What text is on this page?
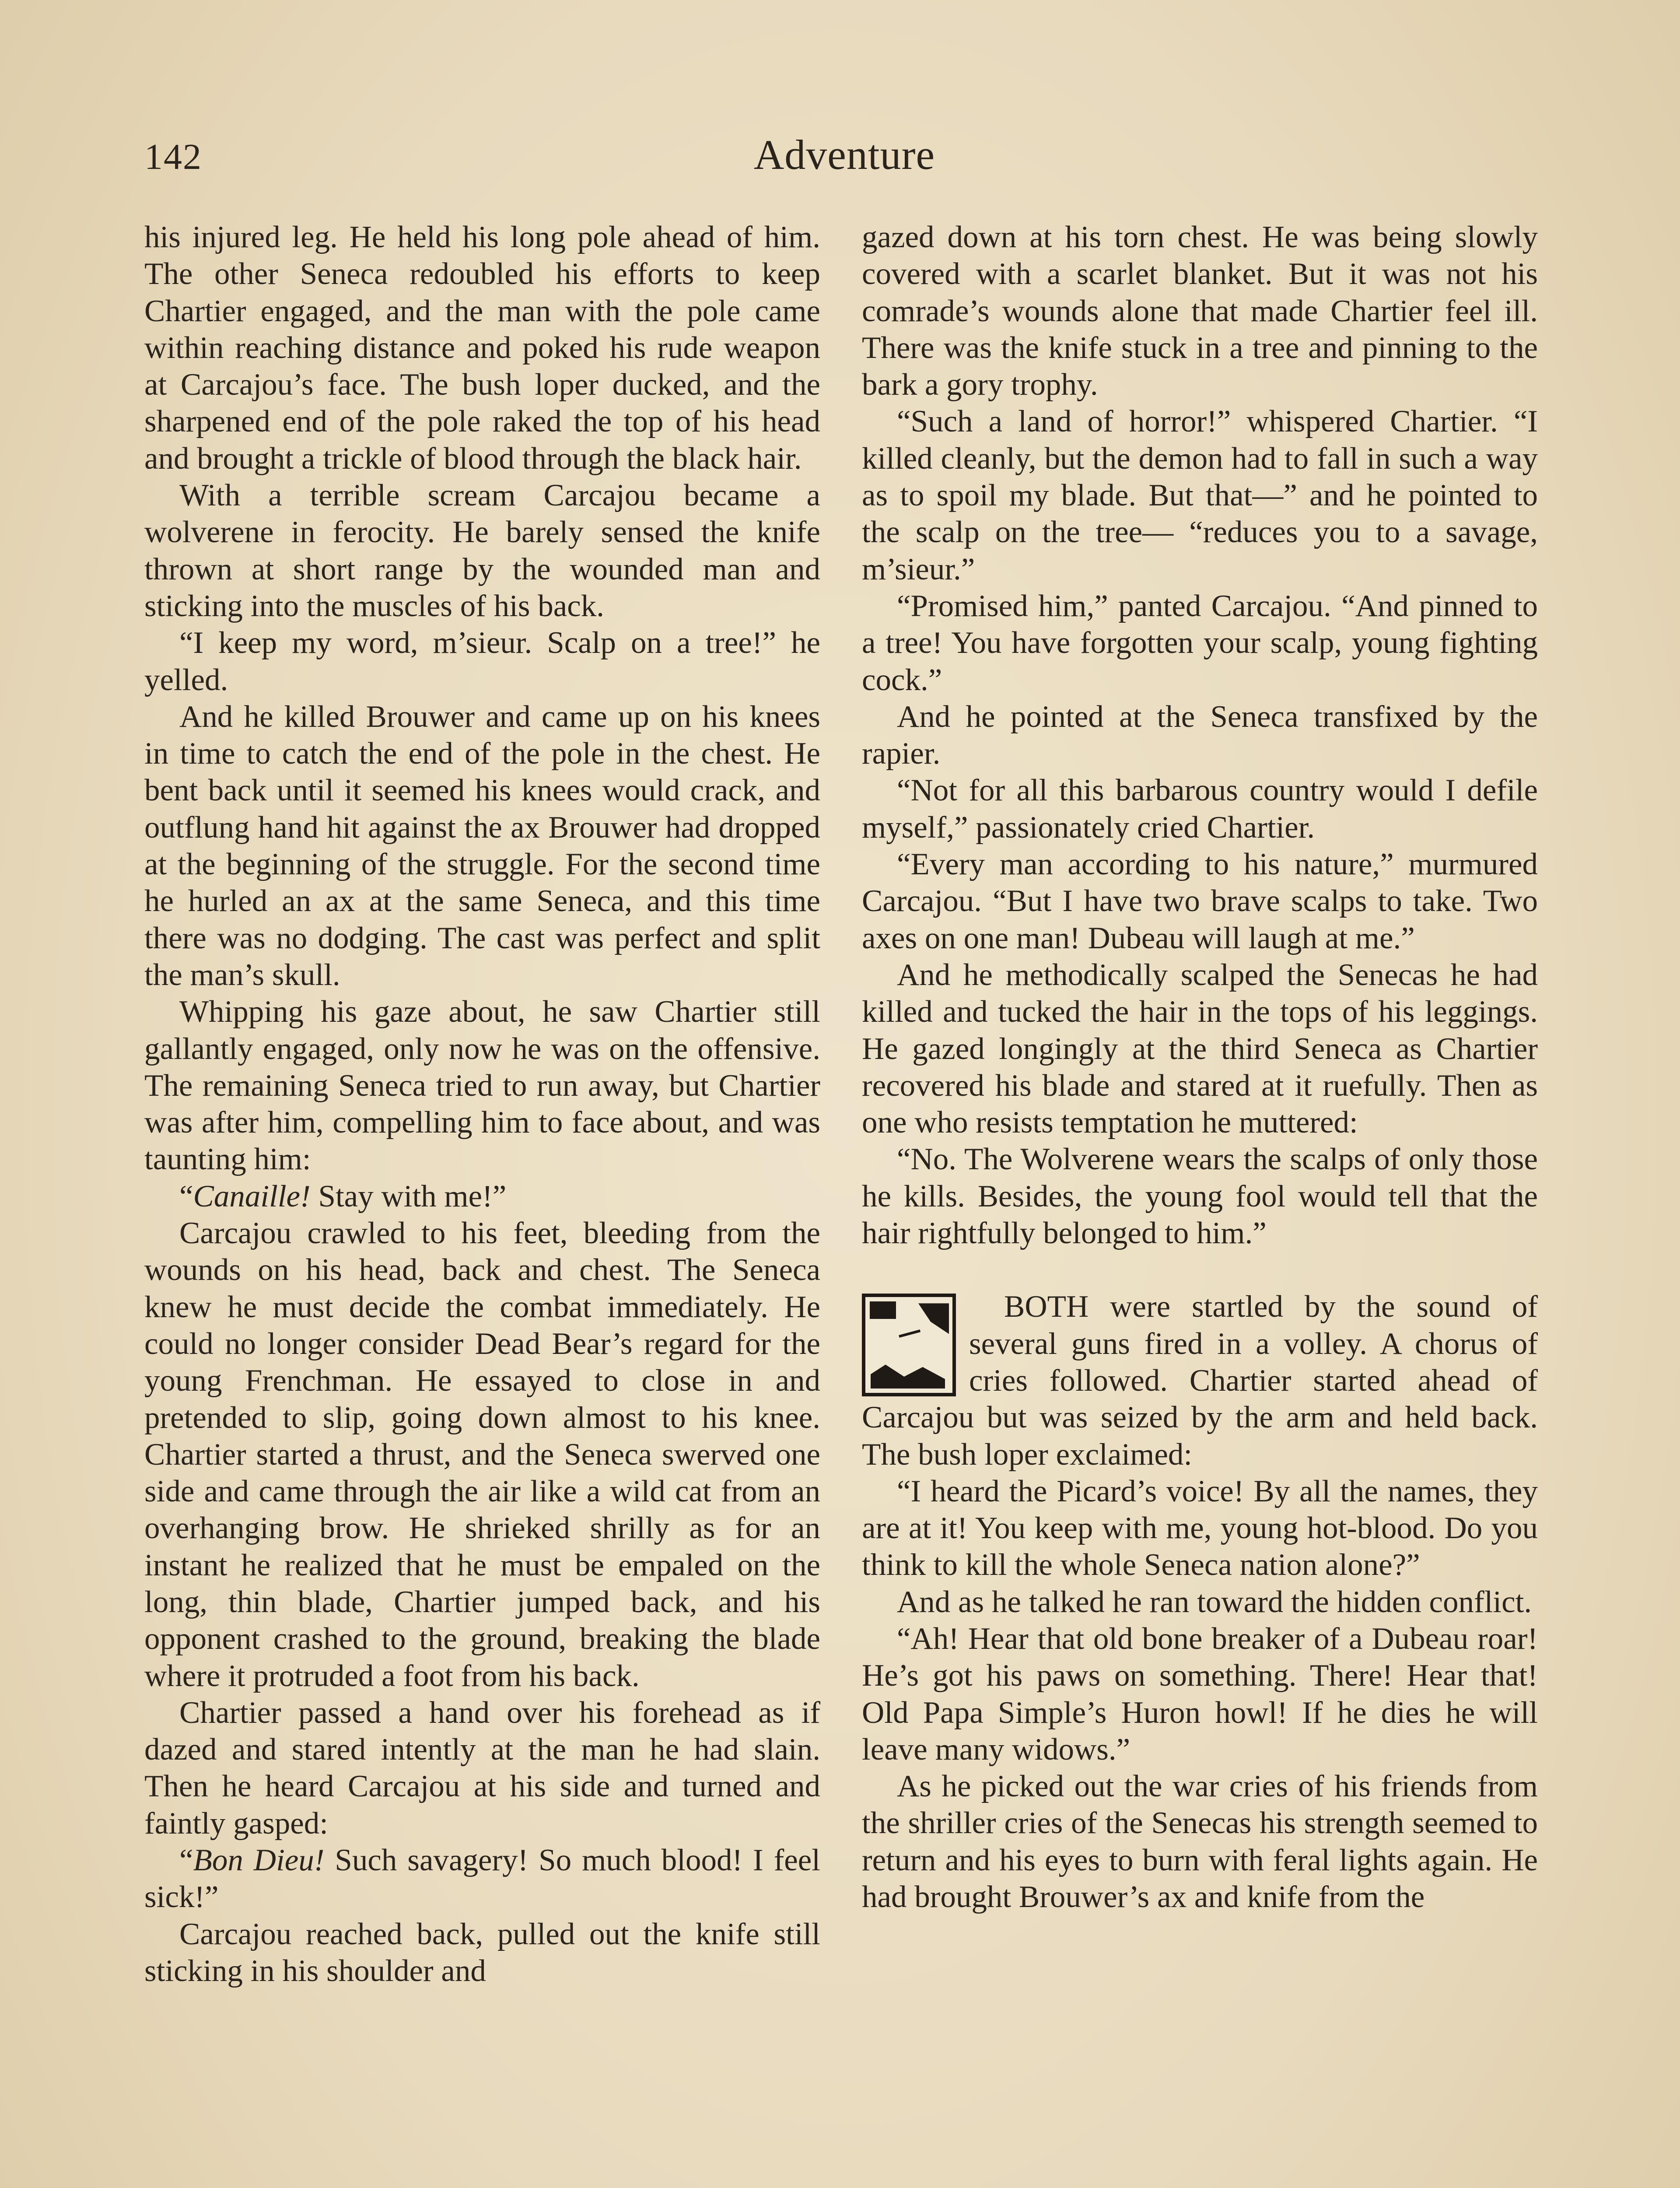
142	Adventure

his injured leg. He held his long pole ahead of him. The other Seneca redoubled his efforts to keep Chartier engaged, and the man with the pole came within reaching distance and poked his rude weapon at Carcajou’s face. The bush loper ducked, and the sharpened end of the pole raked the top of his head and brought a trickle of blood through the black hair.

With a terrible scream Carcajou became a wolverene in ferocity. He barely sensed the knife thrown at short range by the wounded man and sticking into the muscles of his back.

“I keep my word, m’sieur. Scalp on a tree!” he yelled.

And he killed Brouwer and came up on his knees in time to catch the end of the pole in the chest. He bent back until it seemed his knees would crack, and outflung hand hit against the ax Brouwer had dropped at the beginning of the struggle. For the second time he hurled an ax at the same Seneca, and this time there was no dodging. The cast was perfect and split the man’s skull.

Whipping his gaze about, he saw Chartier still gallantly engaged, only now he was on the offensive. The remaining Seneca tried to run away, but Chartier was after him, compelling him to face about, and was taunting him:

“Canaille! Stay with me!”

Carcajou crawled to his feet, bleeding from the wounds on his head, back and chest. The Seneca knew he must decide the combat immediately. He could no longer consider Dead Bear’s regard for the young Frenchman. He essayed to close in and pretended to slip, going down almost to his knee. Chartier started a thrust, and the Seneca swerved one side and came through the air like a wild cat from an overhanging brow. He shrieked shrilly as for an instant he realized that he must be empaled on the long, thin blade, Chartier jumped back, and his opponent crashed to the ground, breaking the blade where it protruded a foot from his back.

Chartier passed a hand over his forehead as if dazed and stared intently at the man he had slain. Then he heard Carcajou at his side and turned and faintly gasped:

“Bon Dieu! Such savagery! So much blood! I feel sick!”

Carcajou reached back, pulled out the knife still sticking in his shoulder and

gazed down at his torn chest. He was being slowly covered with a scarlet blanket. But it was not his comrade’s wounds alone that made Chartier feel ill. There was the knife stuck in a tree and pinning to the bark a gory trophy.

“Such a land of horror!” whispered Chartier. “I killed cleanly, but the demon had to fall in such a way as to spoil my blade. But that—” and he pointed to the scalp on the tree— “reduces you to a savage, m’sieur.”

“Promised him,” panted Carcajou. “And pinned to a tree! You have forgotten your scalp, young fighting cock.”

And he pointed at the Seneca transfixed by the rapier.

“Not for all this barbarous country would I defile myself,” passionately cried Chartier.

“Every man according to his nature,” murmured Carcajou. “But I have two brave scalps to take. Two axes on one man! Dubeau will laugh at me.”

And he methodically scalped the Senecas he had killed and tucked the hair in the tops of his leggings. He gazed longingly at the third Seneca as Chartier recovered his blade and stared at it ruefully. Then as one who resists temptation he muttered:

“No. The Wolverene wears the scalps of only those he kills. Besides, the young fool would tell that the hair rightfully belonged to him.”

BOTH were startled by the sound of several guns fired in a volley. A chorus of cries followed. Chartier started ahead of Carcajou but was seized by the arm and held back. The bush loper exclaimed:

“I heard the Picard’s voice! By all the names, they are at it! You keep with me, young hot-blood. Do you think to kill the whole Seneca nation alone?”

And as he talked he ran toward the hidden conflict.

“Ah! Hear that old bone breaker of a Dubeau roar! He’s got his paws on something. There! Hear that! Old Papa Simple’s Huron howl! If he dies he will leave many widows.”

As he picked out the war cries of his friends from the shriller cries of the Senecas his strength seemed to return and his eyes to burn with feral lights again. He had brought Brouwer’s ax and knife from the
